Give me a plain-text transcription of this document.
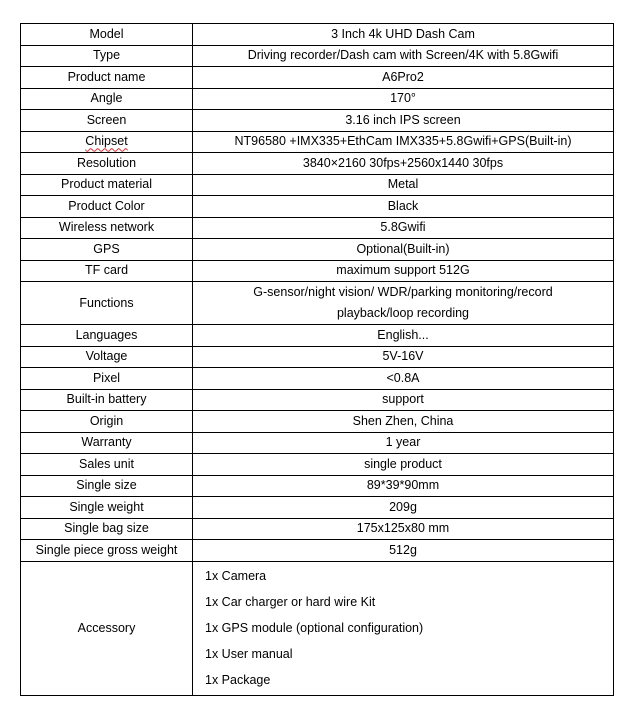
Model	3 Inch 4k UHD Dash Cam
Type	Driving recorder/Dash cam with Screen/4K with 5.8Gwifi
Product name	A6Pro2
Angle	170°
Screen	3.16 inch IPS screen
Chipset	NT96580 +IMX335+EthCam IMX335+5.8Gwifi+GPS(Built-in)
Resolution	3840×2160 30fps+2560x1440 30fps
Product material	Metal
Product Color	Black
Wireless network	5.8Gwifi
GPS	Optional(Built-in)
TF card	maximum support 512G
Functions	G-sensor/night vision/ WDR/parking monitoring/record
playback/loop recording

Languages	English...
Voltage	5V-16V
Pixel	<0.8A
Built-in battery	support
Origin	Shen Zhen, China
Warranty	1 year
Sales unit	single product
Single size	89*39*90mm
Single weight	209g
Single bag size	175x125x80 mm
Single piece gross weight	512g
Accessory	1x Camera
1x Car charger or hard wire Kit
1x GPS module (optional configuration)
1x User manual
1x Package
